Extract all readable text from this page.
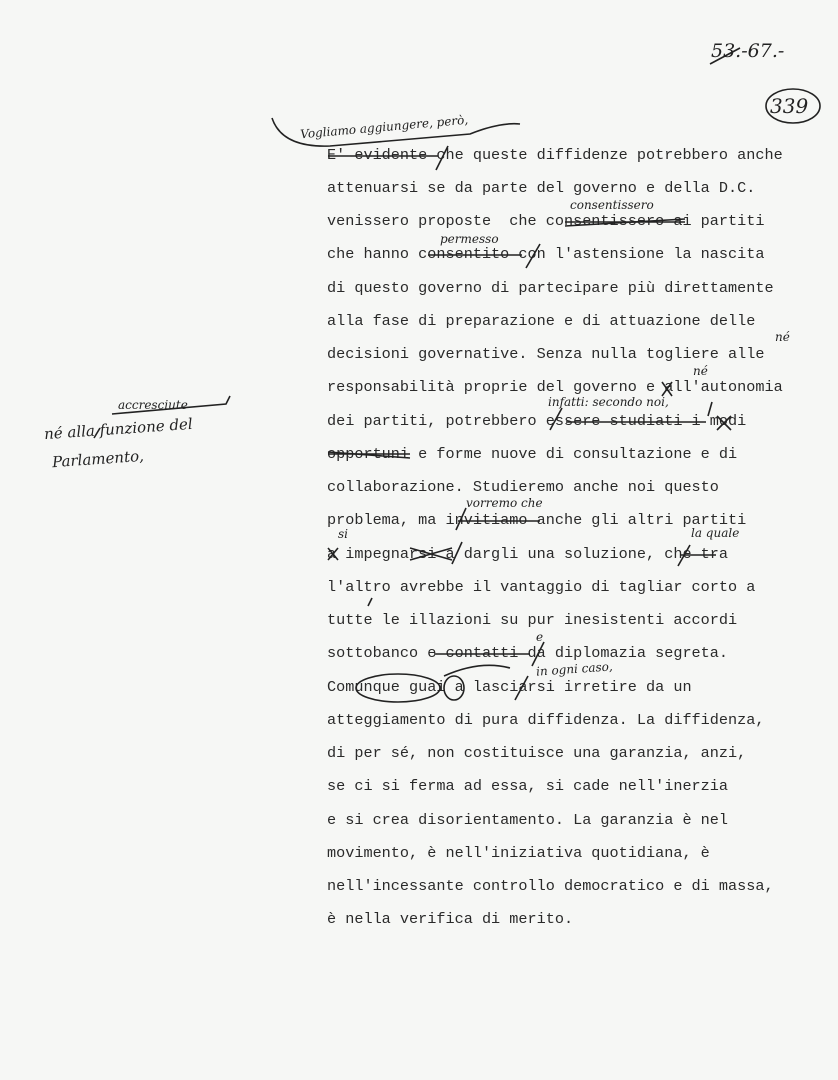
53.-67.-
339
Vogliamo aggiungere, però,
consentissero
permesso
né
né
infatti: secondo noi,
vorremo che
si	la quale
e
in ogni caso,
accresciute
né alla funzione del
Parlamento,
E' evidente che queste diffidenze potrebbero anche
attenuarsi se da parte del governo e della D.C.
venissero proposte  che consentissero ai partiti
che hanno consentito con l'astensione la nascita
di questo governo di partecipare più direttamente
alla fase di preparazione e di attuazione delle
decisioni governative. Senza nulla togliere alle
responsabilità proprie del governo e all'autonomia
dei partiti, potrebbero essere studiati i modi
opportuni e forme nuove di consultazione e di
collaborazione. Studieremo anche noi questo
problema, ma invitiamo anche gli altri partiti
a impegnarsi a dargli una soluzione, che tra
l'altro avrebbe il vantaggio di tagliar corto a
tutte le illazioni su pur inesistenti accordi
sottobanco e contatti da diplomazia segreta.
Comunque guai a lasciarsi irretire da un
atteggiamento di pura diffidenza. La diffidenza,
di per sé, non costituisce una garanzia, anzi,
se ci si ferma ad essa, si cade nell'inerzia
e si crea disorientamento. La garanzia è nel
movimento, è nell'iniziativa quotidiana, è
nell'incessante controllo democratico e di massa,
è nella verifica di merito.
